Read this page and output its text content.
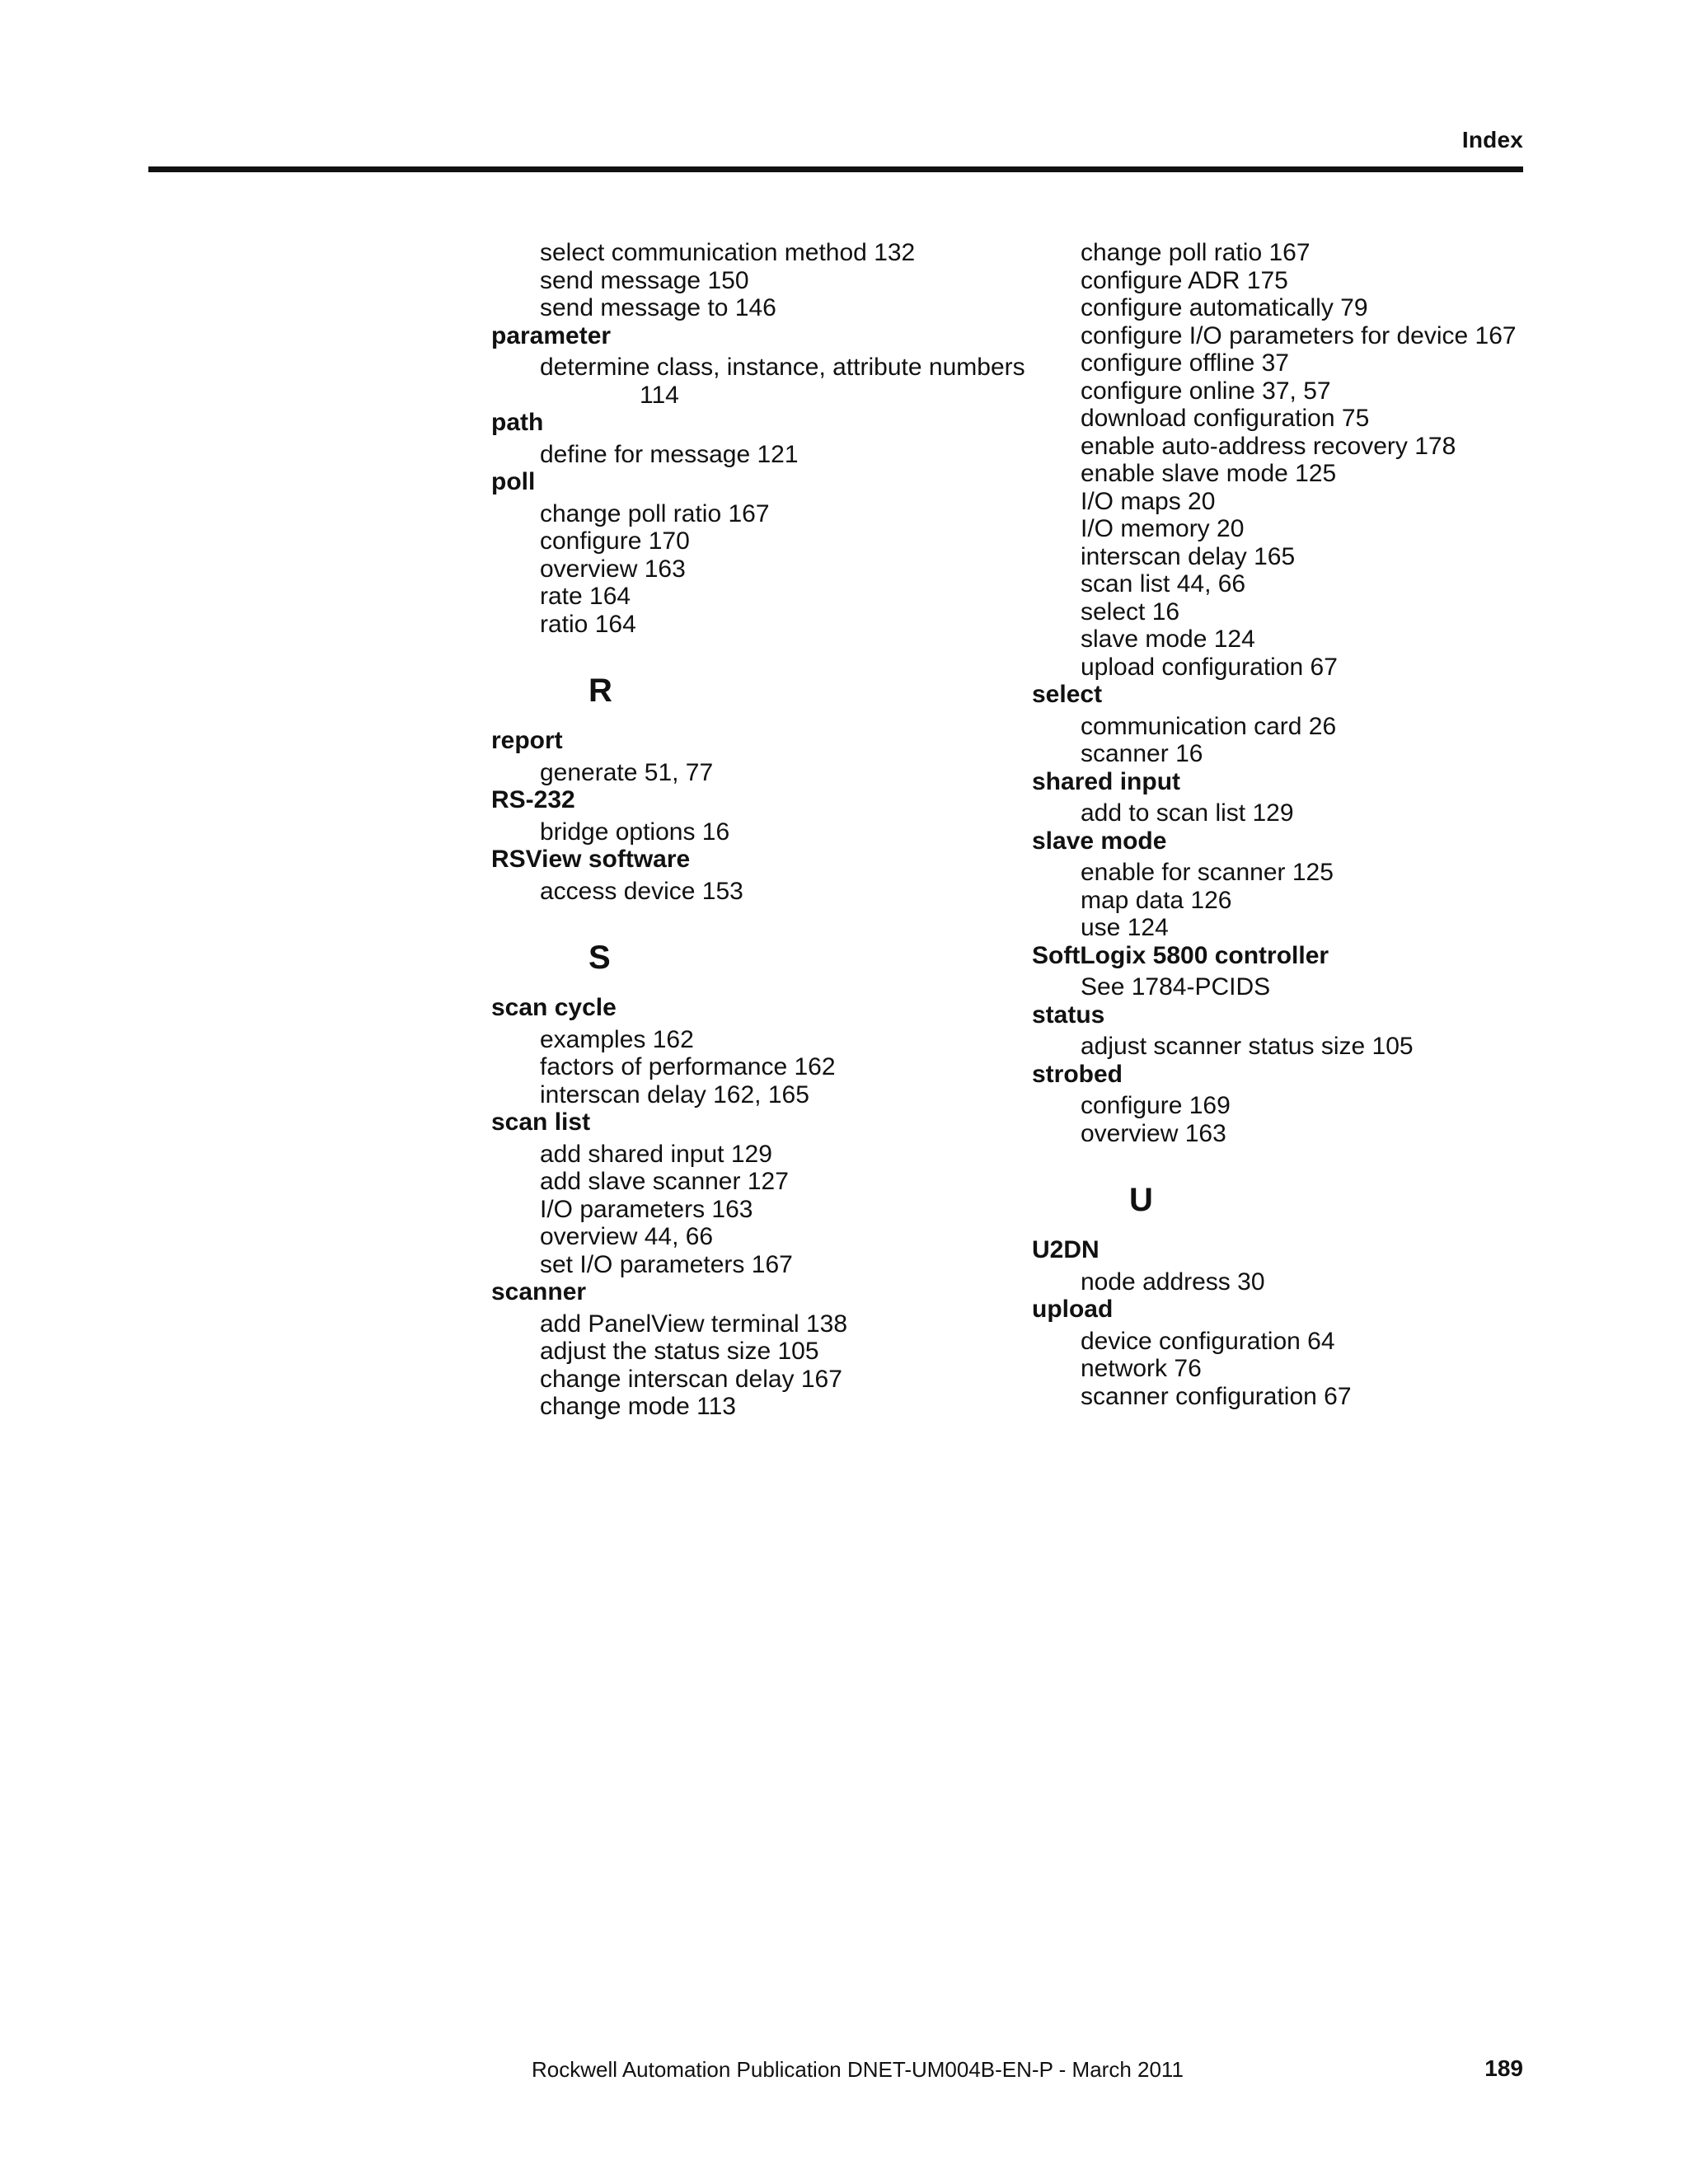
Index
select communication method 132
send message 150
send message to 146
parameter
determine class, instance, attribute numbers
114
path
define for message 121
poll
change poll ratio 167
configure 170
overview 163
rate 164
ratio 164
R
report
generate 51, 77
RS-232
bridge options 16
RSView software
access device 153
S
scan cycle
examples 162
factors of performance 162
interscan delay 162, 165
scan list
add shared input 129
add slave scanner 127
I/O parameters 163
overview 44, 66
set I/O parameters 167
scanner
add PanelView terminal 138
adjust the status size 105
change interscan delay 167
change mode 113
change poll ratio 167
configure ADR 175
configure automatically 79
configure I/O parameters for device 167
configure offline 37
configure online 37, 57
download configuration 75
enable auto-address recovery 178
enable slave mode 125
I/O maps 20
I/O memory 20
interscan delay 165
scan list 44, 66
select 16
slave mode 124
upload configuration 67
select
communication card 26
scanner 16
shared input
add to scan list 129
slave mode
enable for scanner 125
map data 126
use 124
SoftLogix 5800 controller
See 1784-PCIDS
status
adjust scanner status size 105
strobed
configure 169
overview 163
U
U2DN
node address 30
upload
device configuration 64
network 76
scanner configuration 67
Rockwell Automation Publication DNET-UM004B-EN-P - March 2011	189
